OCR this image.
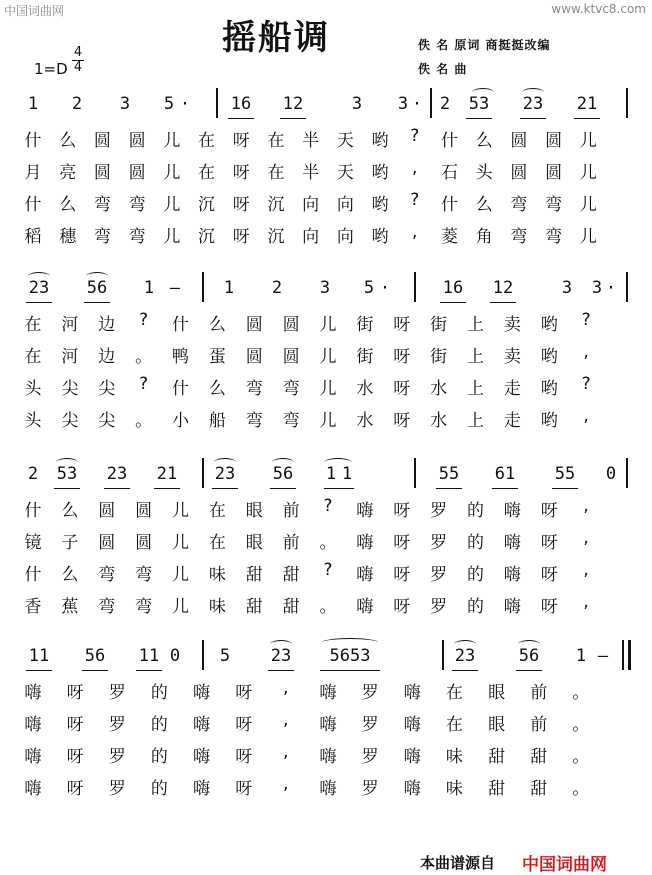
中国词曲网	www.ktvc8.com
摇船调	佚 名 原词 商挺挺改编
佚 名 曲
1=D
4
4
1 2 3 5 · 16 12	3 3 · 2 53 23 21
什 么 圆 圆 儿 在 呀 在 半 天 哟	?	什 么 圆 圆 儿
月 亮 圆 圆 儿 在 呀 在 半 天 哟	,	石 头 圆 圆 儿
什 么 弯 弯 儿 沉 呀 沉 向 向 哟	?	什 么 弯 弯 儿
稻 穗 弯 弯 儿 沉 呀 沉 向 向 哟	,	菱 角 弯 弯 儿
23 56 1 –	1 2 3 5 ·	16 12	3 3 ·
在 河 边	?	什 么 圆 圆 儿 街 呀 街 上 卖 哟	?
在 河 边 。 鸭 蛋 圆 圆 儿 街 呀 街 上 卖 哟	,
头 尖 尖	?	什 么 弯 弯 儿 水 呀 水 上 走 哟	?
头 尖 尖 。 小 船 弯 弯 儿 水 呀 水 上 走 哟	,
2 53 23 21 23 56 1 1	55 61 55 0
什 么 圆 圆 儿 在 眼 前	?	嗨 呀 罗 的 嗨 呀	,
镜 子 圆 圆 儿 在 眼 前 。 嗨 呀 罗 的 嗨 呀	,
什 么 弯 弯 儿 味 甜 甜	?	嗨 呀 罗 的 嗨 呀	,
香 蕉 弯 弯 儿 味 甜 甜 。 嗨 呀 罗 的 嗨 呀	,
11 56 11 0 5 23	5653	23	56 1 –
嗨 呀 罗 的 嗨 呀	,	嗨 罗 嗨 在 眼 前 。
嗨 呀 罗 的 嗨 呀	,	嗨 罗 嗨 在 眼 前 。
嗨 呀 罗 的 嗨 呀	,	嗨 罗 嗨 味 甜 甜 。
嗨 呀 罗 的 嗨 呀	,	嗨 罗 嗨 味 甜 甜 。
本曲谱源自 中国词曲网
